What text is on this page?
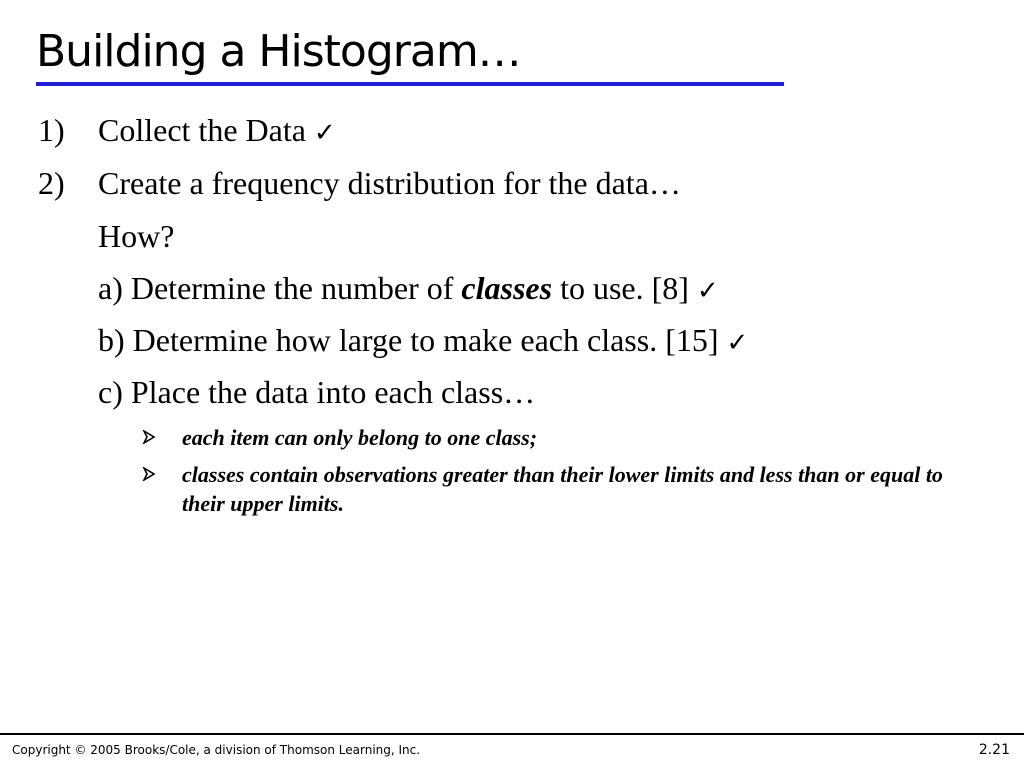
Building a Histogram…
1) Collect the Data ✓
2) Create a frequency distribution for the data…
How?
a) Determine the number of classes to use. [8] ✓
b) Determine how large to make each class. [15] ✓
c) Place the data into each class…
each item can only belong to one class;
classes contain observations greater than their lower limits and less than or equal to their upper limits.
Copyright © 2005 Brooks/Cole, a division of Thomson Learning, Inc.	2.21
